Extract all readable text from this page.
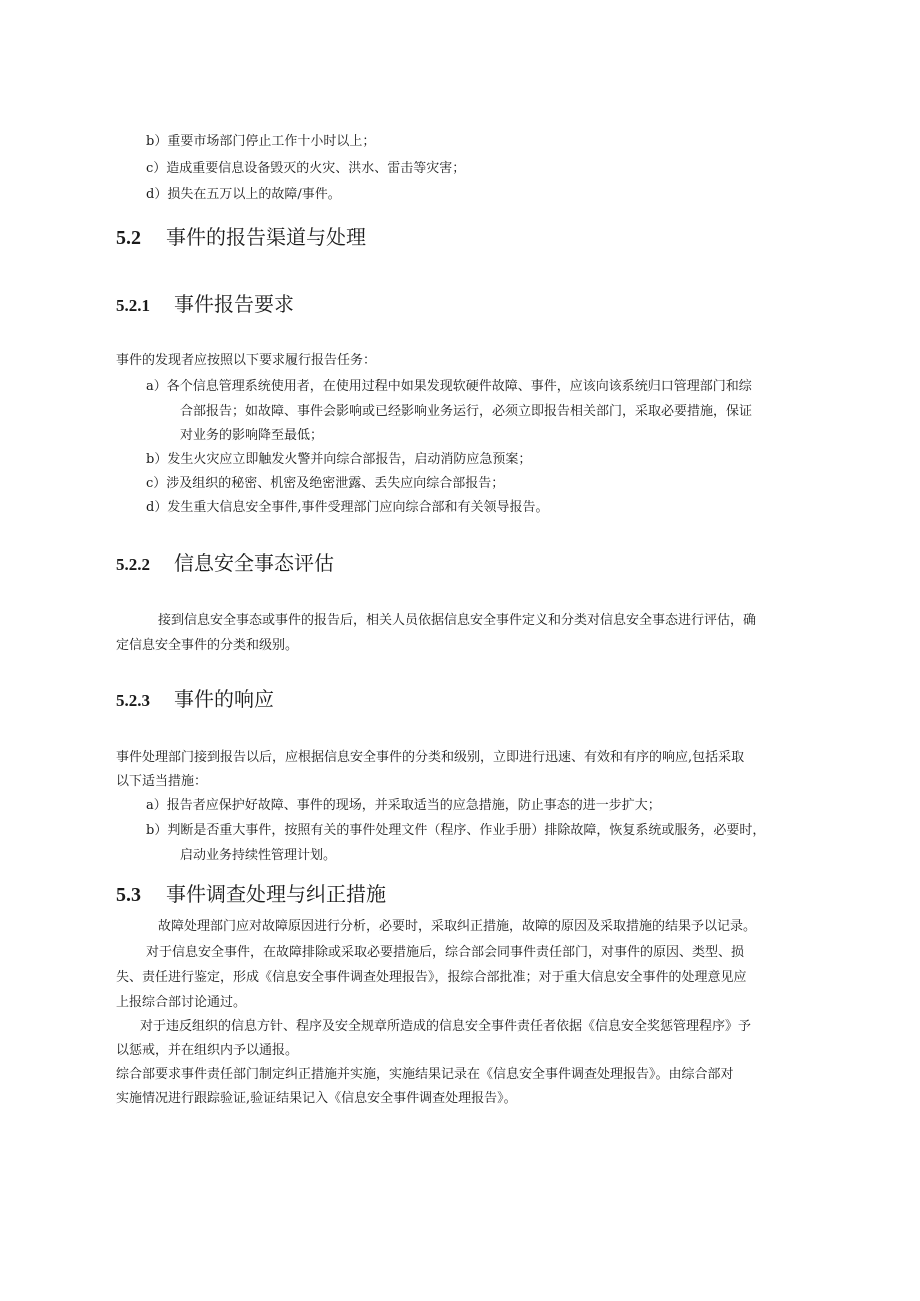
b）重要市场部门停止工作十小时以上；
c）造成重要信息设备毁灭的火灾、洪水、雷击等灾害；
d）损失在五万以上的故障/事件。
5.2 事件的报告渠道与处理
5.2.1 事件报告要求
事件的发现者应按照以下要求履行报告任务：
a）各个信息管理系统使用者，在使用过程中如果发现软硬件故障、事件，应该向该系统归口管理部门和综
合部报告；如故障、事件会影响或已经影响业务运行，必须立即报告相关部门，采取必要措施，保证
对业务的影响降至最低；
b）发生火灾应立即触发火警并向综合部报告，启动消防应急预案；
c）涉及组织的秘密、机密及绝密泄露、丢失应向综合部报告；
d）发生重大信息安全事件,事件受理部门应向综合部和有关领导报告。
5.2.2 信息安全事态评估
接到信息安全事态或事件的报告后，相关人员依据信息安全事件定义和分类对信息安全事态进行评估，确
定信息安全事件的分类和级别。
5.2.3 事件的响应
事件处理部门接到报告以后，应根据信息安全事件的分类和级别，立即进行迅速、有效和有序的响应,包括采取
以下适当措施：
a）报告者应保护好故障、事件的现场，并采取适当的应急措施，防止事态的进一步扩大；
b）判断是否重大事件，按照有关的事件处理文件（程序、作业手册）排除故障，恢复系统或服务，必要时，
启动业务持续性管理计划。
5.3 事件调查处理与纠正措施
故障处理部门应对故障原因进行分析，必要时，采取纠正措施，故障的原因及采取措施的结果予以记录。
对于信息安全事件，在故障排除或采取必要措施后，综合部会同事件责任部门，对事件的原因、类型、损
失、责任进行鉴定，形成《信息安全事件调查处理报告》，报综合部批准；对于重大信息安全事件的处理意见应
上报综合部讨论通过。
对于违反组织的信息方针、程序及安全规章所造成的信息安全事件责任者依据《信息安全奖惩管理程序》予
以惩戒，并在组织内予以通报。
综合部要求事件责任部门制定纠正措施并实施，实施结果记录在《信息安全事件调查处理报告》。由综合部对
实施情况进行跟踪验证,验证结果记入《信息安全事件调查处理报告》。
